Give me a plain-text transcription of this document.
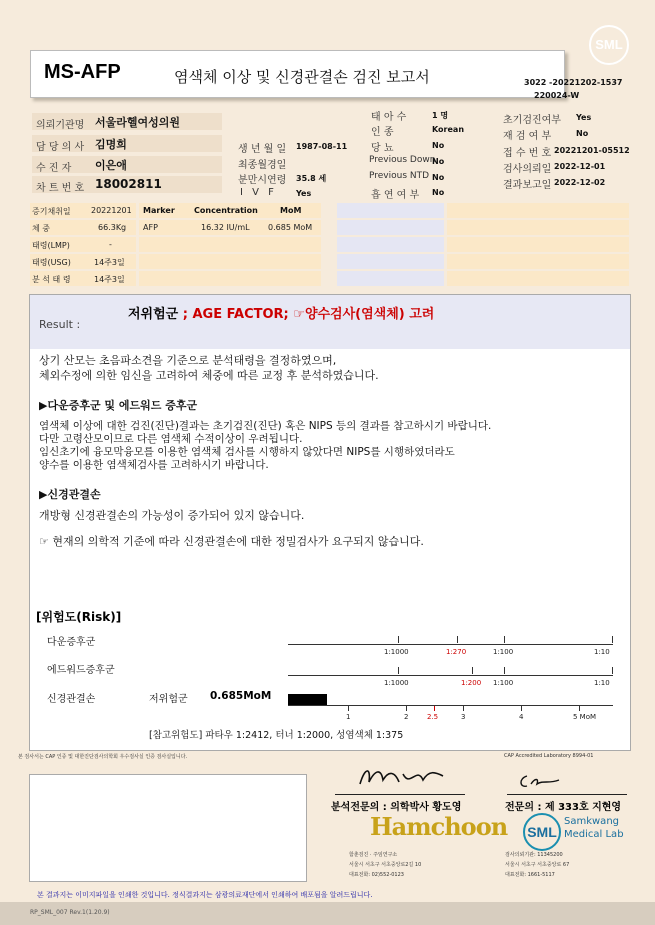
SML
MS-AFP	염색체 이상 및 신경관결손 검진 보고서	3022 -20221202-1537
220024-W
의뢰기관명 서울라헬여성의원
담 당 의 사 김명희
수 진 자 이은애
차 트 번 호 18002811
생 년 월 일 1987-08-11
최종월경일
분만시연령 35.8 세
I V F Yes
태 아 수	1 명
인 종	Korean
당 뇨	No
Previous Down
No
Previous NTD No
흡 연 여 부 No
초기검진여부 Yes
재 검 여 부	No
접 수 번 호 20221201-05512
검사의뢰일 2022-12-01
결과보고일 2022-12-02
증기채취일	20221201
체 중	66.3Kg
태령(LMP)	-
태령(USG)	14주3일
분 석 태 령	14주3일
Marker Concentration	MoM
AFP	16.32 IU/mL 0.685 MoM
Result :
저위험군 ; AGE FACTOR; ☞양수검사(염색체) 고려
상기 산모는 초음파소견을 기준으로 분석태령을 결정하였으며,
체외수정에 의한 임신을 고려하여 체중에 따른 교정 후 분석하였습니다.
▶다운증후군 및 에드워드 증후군
염색체 이상에 대한 검진(진단)결과는 초기검진(진단) 혹은 NIPS 등의 결과를 참고하시기 바랍니다.
다만 고령산모이므로 다른 염색체 수적이상이 우려됩니다.
임신초기에 융모막융모를 이용한 염색체 검사를 시행하지 않았다면 NIPS를 시행하였더라도
양수를 이용한 염색체검사를 고려하시기 바랍니다.
▶신경관결손
개방형 신경관결손의 가능성이 증가되어 있지 않습니다.
☞ 현재의 의학적 기준에 따라 신경관결손에 대한 정밀검사가 요구되지 않습니다.
[위험도(Risk)]
다운증후군
에드워드증후군
신경관결손	저위험군 0.685MoM
1:1000	1:270	1:100	1:10
1:1000	1:200 1:100	1:10
1	2	2.5	3	4	5 MoM
[참고위험도] 파타우 1:2412, 터너 1:2000, 성염색체 1:375
본 검사서는 CAP 인증 및 대한진단검사의학회 우수검사실 인증 검사실입니다.	CAP Accredited Laboratory 8994-01
분석전문의 : 의학박사 황도영
Hamchoon
함춘검진 · 주임연구소
서울시 서초구 서초중앙로2길 10
대표전화: 02)552-0123
전문의 : 제 333호 지현영
SML
Samkwang
Medical Lab
검사의뢰기관: 11345200
서울시 서초구 서초중앙로 67
대표전화: 1661-5117
본 결과지는 이미지파일을 인쇄한 것입니다. 정식결과지는 삼광의료재단에서 인쇄하여 배포됨을 알려드립니다.
RP_SML_007 Rev.1(1.20.9)
